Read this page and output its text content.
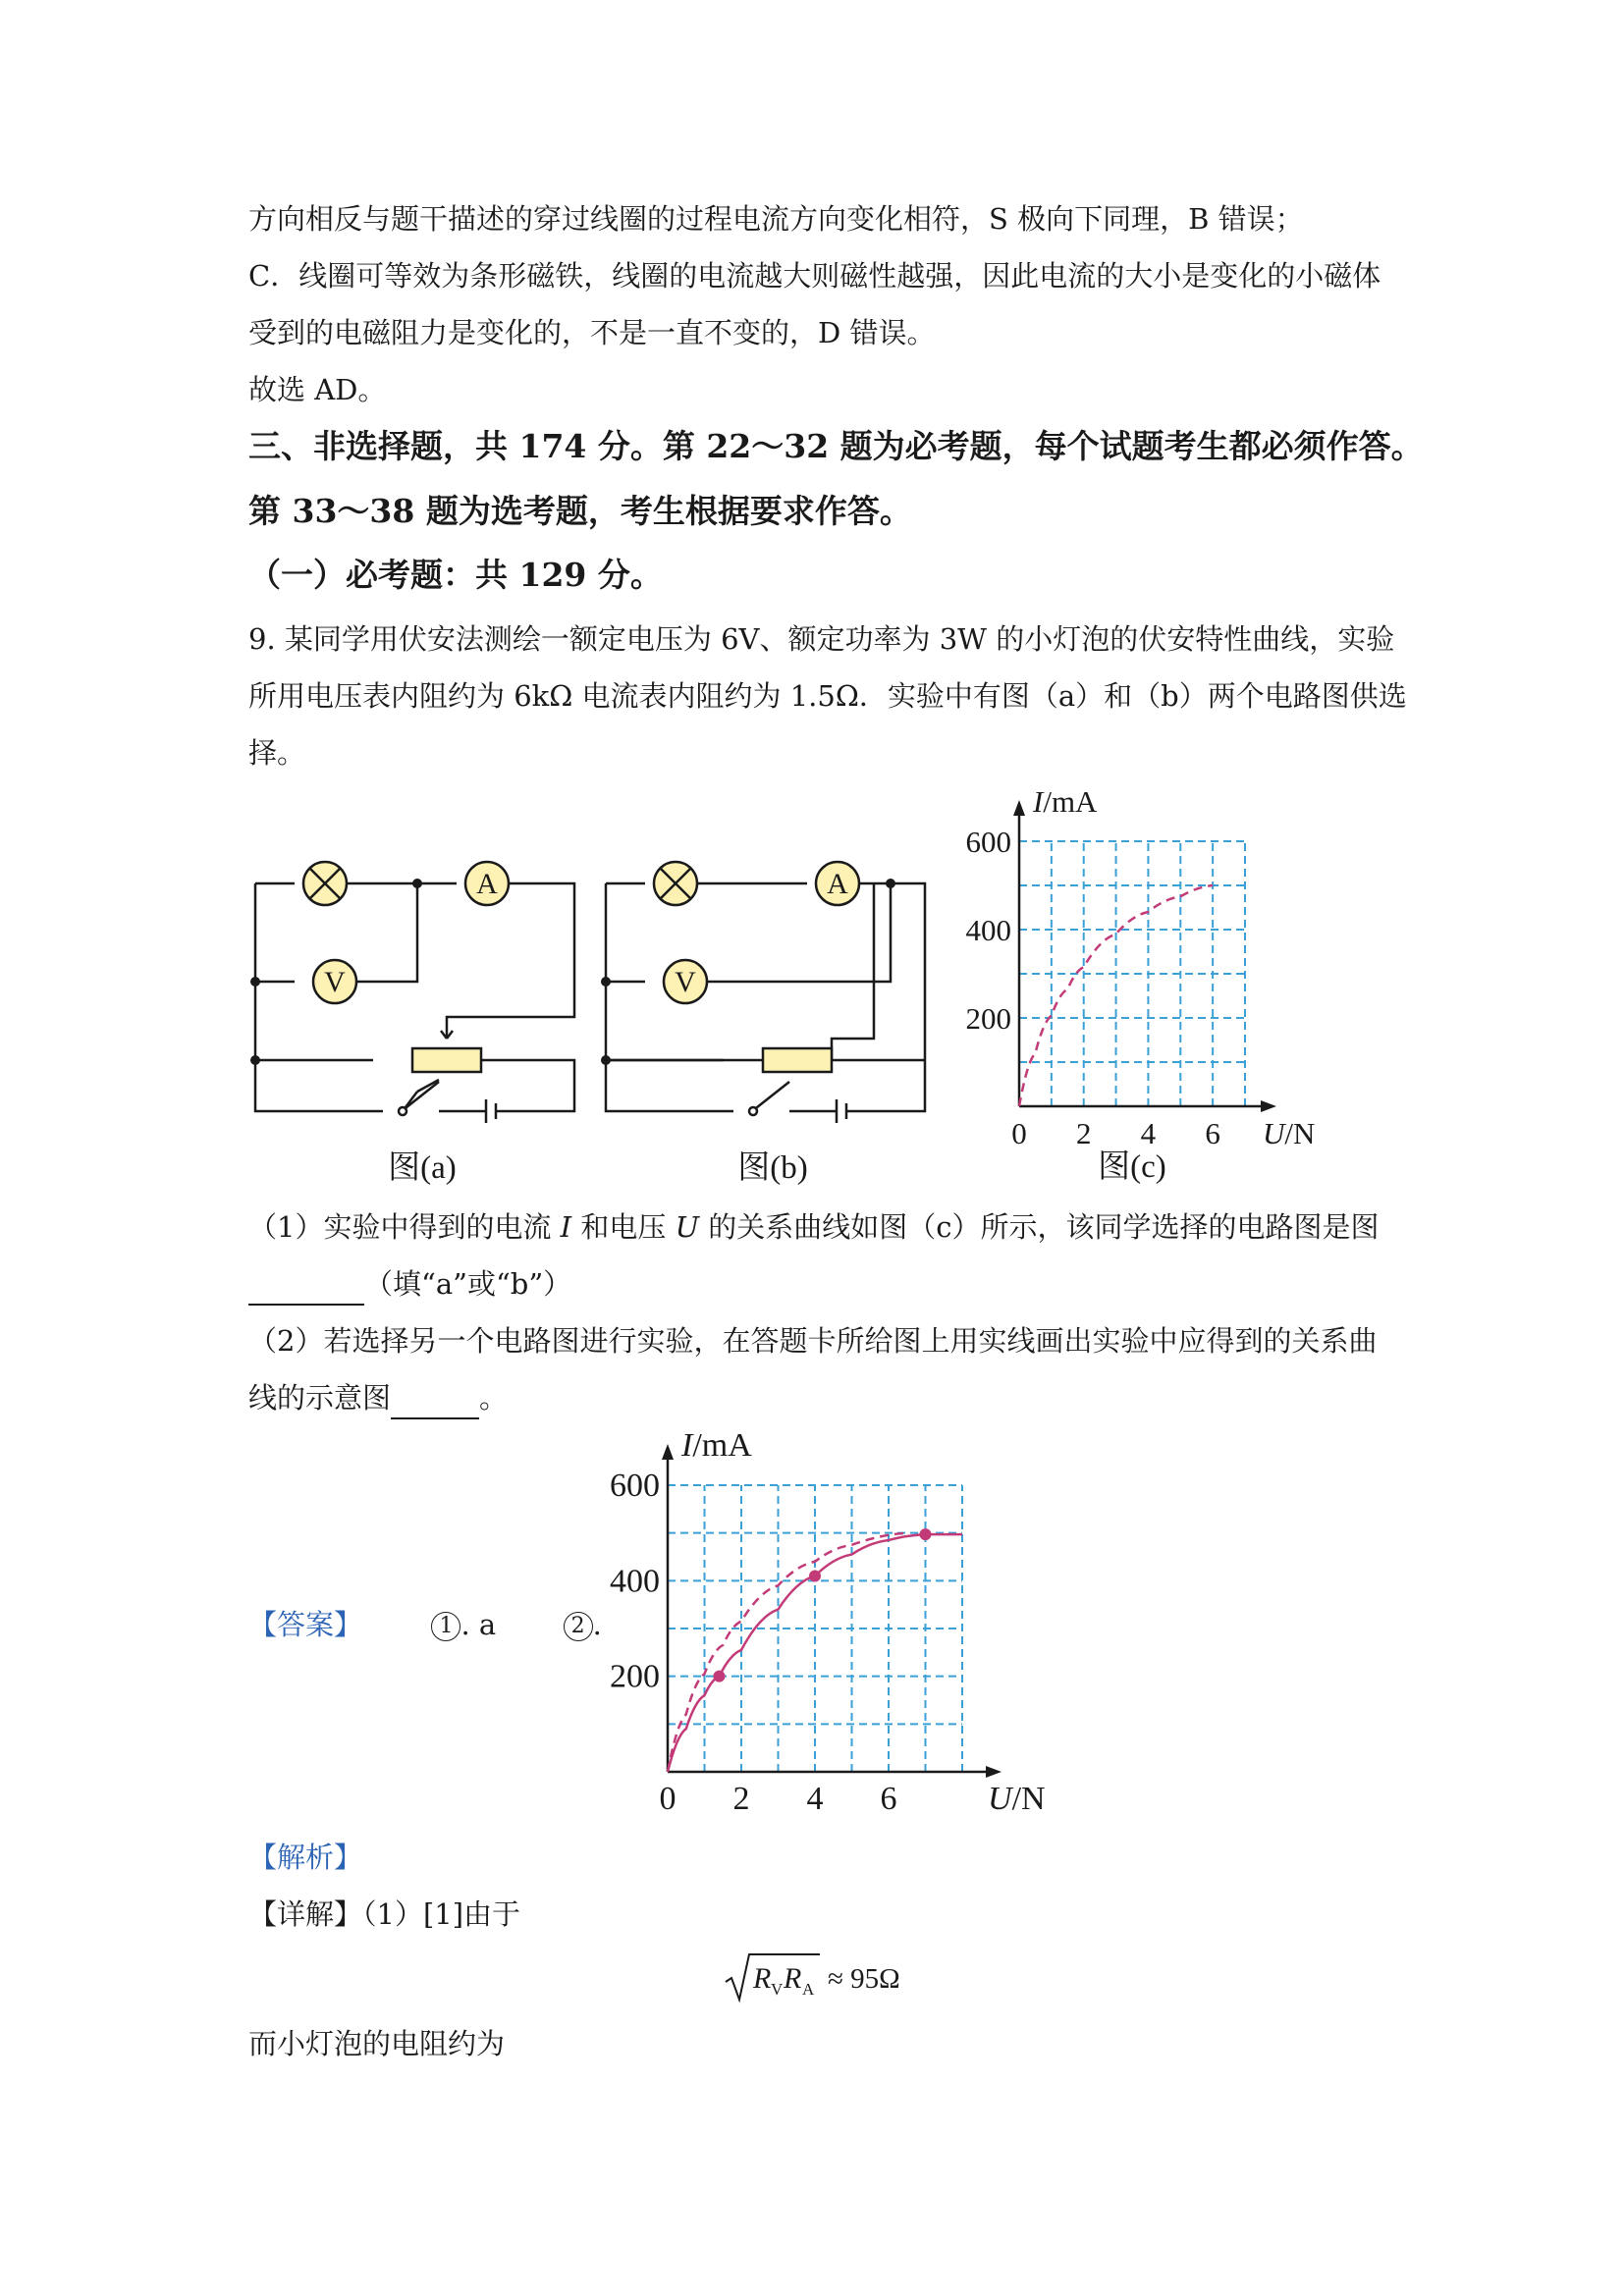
方向相反与题干描述的穿过线圈的过程电流方向变化相符，S 极向下同理，B 错误；
C．线圈可等效为条形磁铁，线圈的电流越大则磁性越强，因此电流的大小是变化的小磁体
受到的电磁阻力是变化的，不是一直不变的，D 错误。
故选 AD。
三、非选择题，共 174 分。第 22～32 题为必考题，每个试题考生都必须作答。
第 33～38 题为选考题，考生根据要求作答。
（一）必考题：共 129 分。
9. 某同学用伏安法测绘一额定电压为 6V、额定功率为 3W 的小灯泡的伏安特性曲线，实验
所用电压表内阻约为 6kΩ 电流表内阻约为 1.5Ω．实验中有图（a）和（b）两个电路图供选
择。
A
V
图(a)
A
V
图(b)
0 2 4 6
200
400
600
I/mA
U/N
图(c)
（1）实验中得到的电流 I 和电压 U 的关系曲线如图（c）所示，该同学选择的电路图是图
（填“a”或“b”）
（2）若选择另一个电路图进行实验，在答题卡所给图上用实线画出实验中应得到的关系曲
线的示意图	。
【答案】	1 . a	2 .
0 2 4 6
200
400
600
I/mA
U/N
【解析】
【详解】（1）[1]由于
R V R A ≈ 95Ω
而小灯泡的电阻约为
